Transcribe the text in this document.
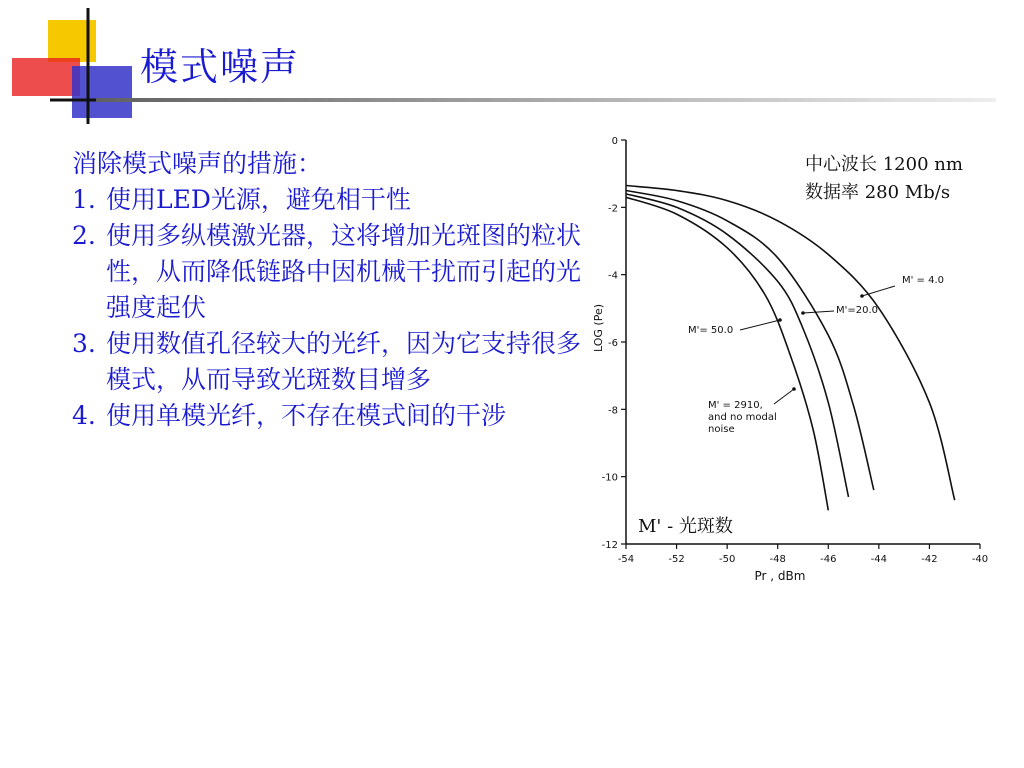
模式噪声
消除模式噪声的措施：
1. 使用LED光源，避免相干性
2. 使用多纵模激光器，这将增加光斑图的粒状性，从而降低链路中因机械干扰而引起的光强度起伏
3. 使用数值孔径较大的光纤，因为它支持很多模式，从而导致光斑数目增多
4. 使用单模光纤，不存在模式间的干涉
中心波长 1200 nm
数据率 280 Mb/s
M' - 光斑数
LOG (Pe)
Pr , dBm
0
-2
-4
-6
-8
-10
-12
-54	-52	-50	-48	-46	-44	-42	-40
M' = 4.0
M'=20.0
M'= 50.0
M' = 2910,
and no modal
noise
